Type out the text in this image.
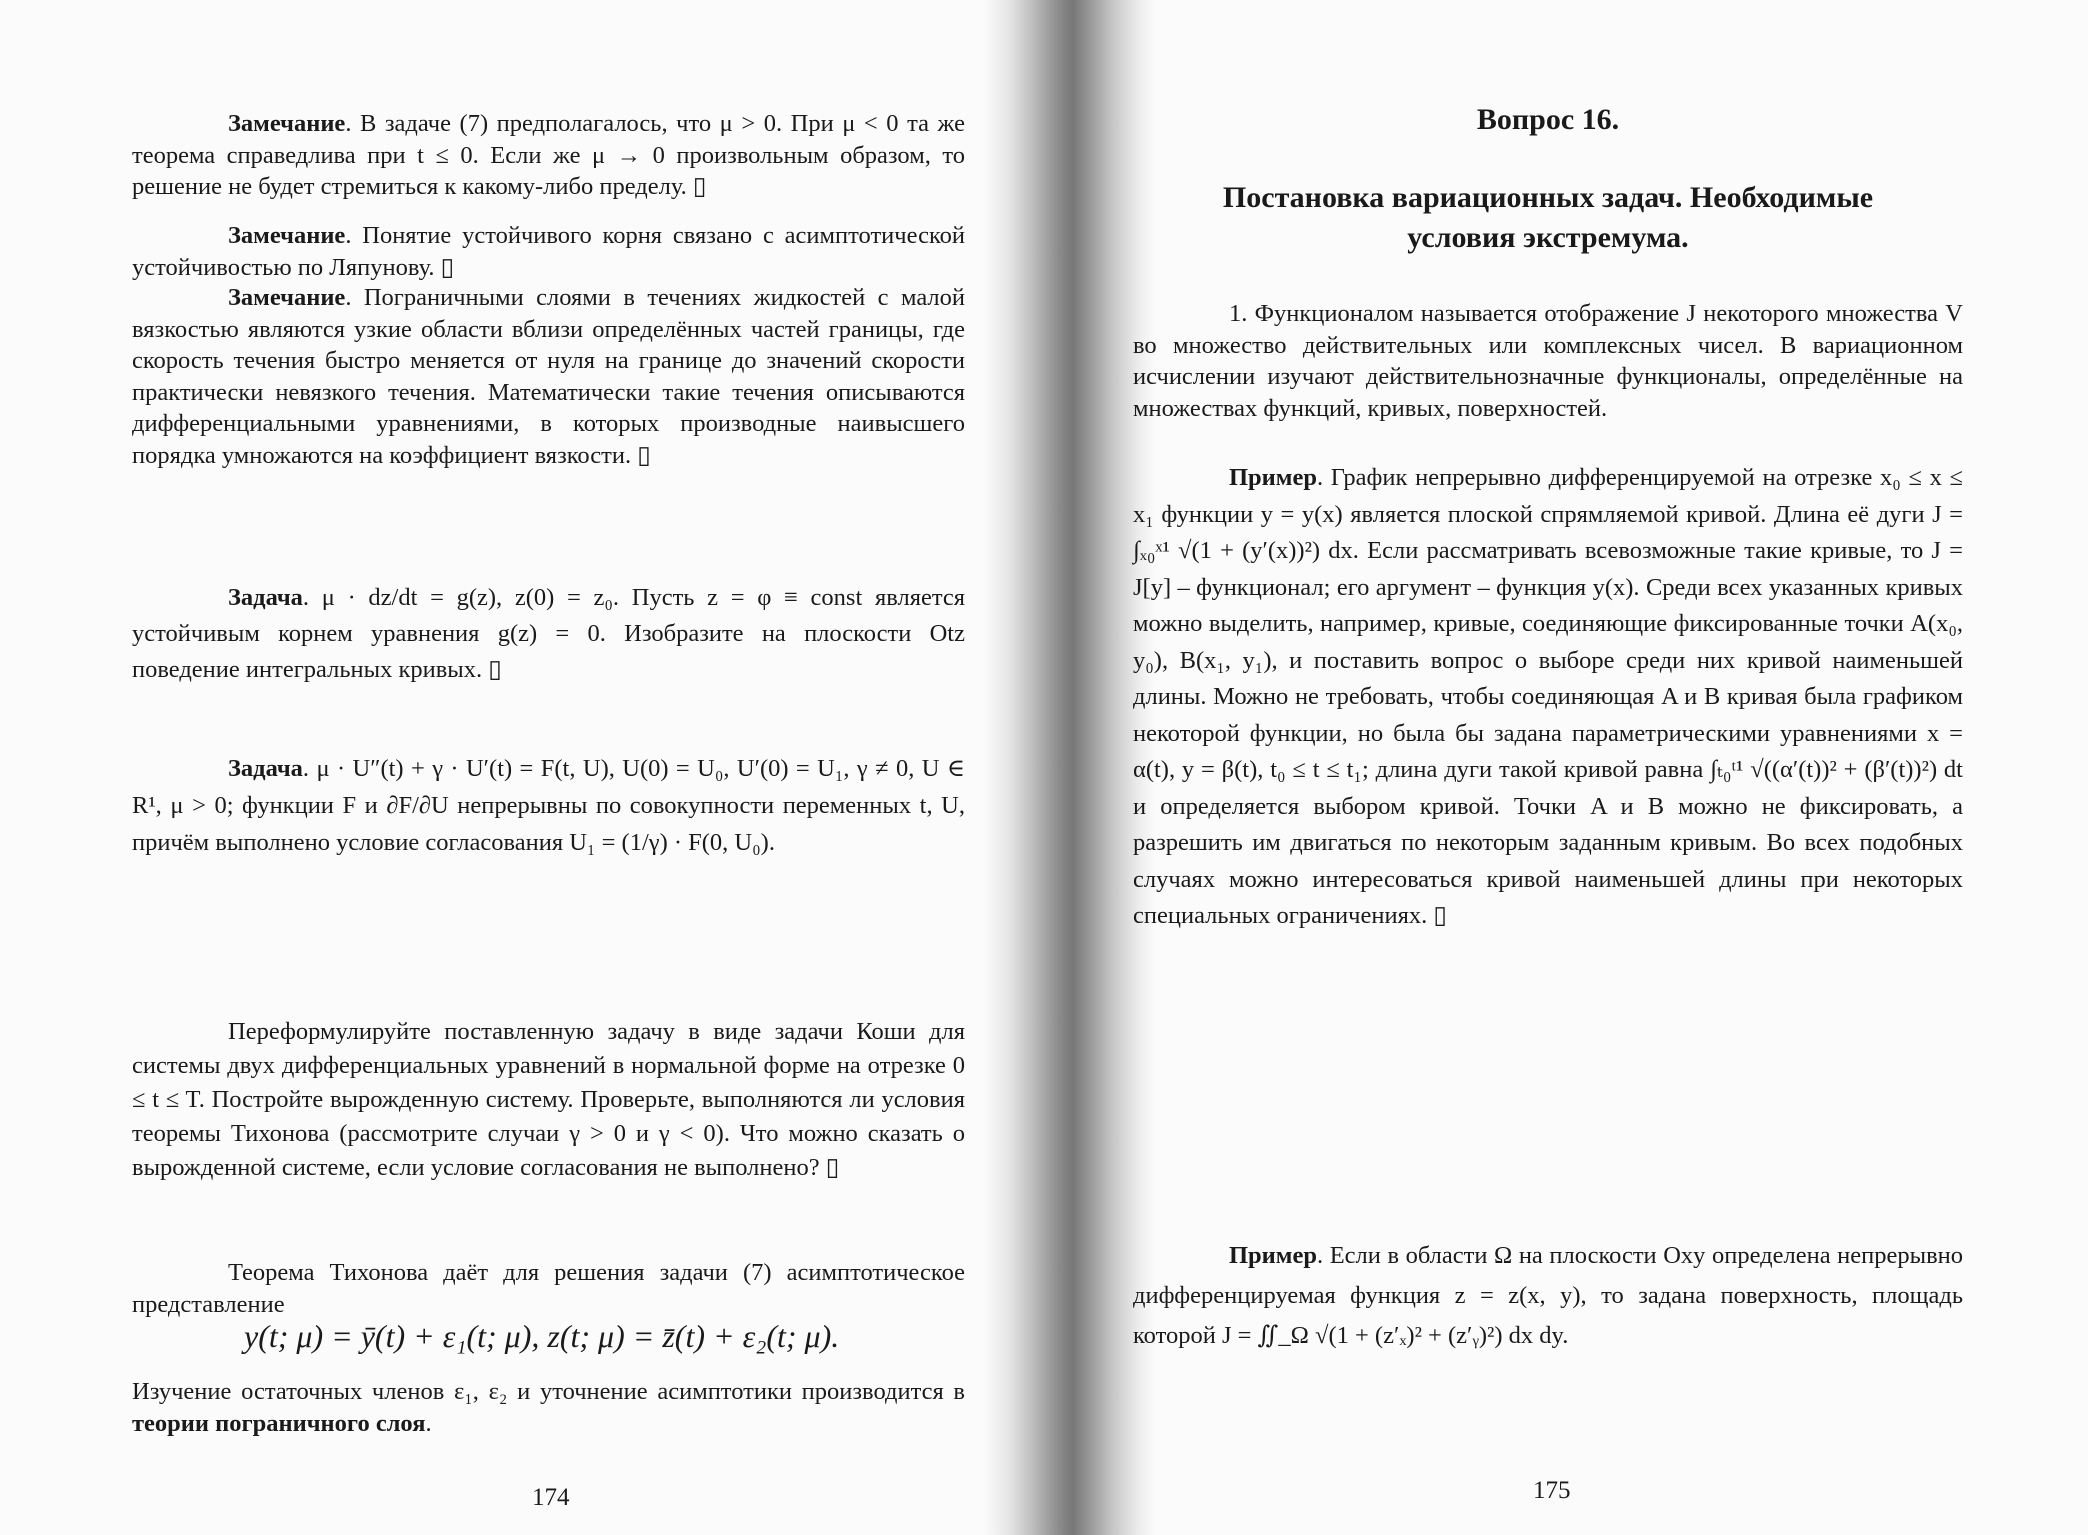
Замечание. В задаче (7) предполагалось, что μ > 0. При μ < 0 та же теорема справедлива при t ≤ 0. Если же μ → 0 произвольным образом, то решение не будет стремиться к какому-либо пределу. ▯

Замечание. Понятие устойчивого корня связано с асимптотической устойчивостью по Ляпунову. ▯

Замечание. Пограничными слоями в течениях жидкостей с малой вязкостью являются узкие области вблизи определённых частей границы, где скорость течения быстро меняется от нуля на границе до значений скорости практически невязкого течения. Математически такие течения описываются дифференциальными уравнениями, в которых производные наивысшего порядка умножаются на коэффициент вязкости. ▯

Задача. μ · dz/dt = g(z), z(0) = z₀. Пусть z = φ ≡ const является устойчивым корнем уравнения g(z) = 0. Изобразите на плоскости Otz поведение интегральных кривых. ▯

Задача. μ · U″(t) + γ · U′(t) = F(t, U), U(0) = U₀, U′(0) = U₁, γ ≠ 0, U ∈ R¹, μ > 0; функции F и ∂F/∂U непрерывны по совокупности переменных t, U, причём выполнено условие согласования U₁ = (1/γ) · F(0, U₀).

Переформулируйте поставленную задачу в виде задачи Коши для системы двух дифференциальных уравнений в нормальной форме на отрезке 0 ≤ t ≤ T. Постройте вырожденную систему. Проверьте, выполняются ли условия теоремы Тихонова (рассмотрите случаи γ > 0 и γ < 0). Что можно сказать о вырожденной системе, если условие согласования не выполнено? ▯

Теорема Тихонова даёт для решения задачи (7) асимптотическое представление

y(t; μ) = ȳ(t) + ε₁(t; μ), z(t; μ) = z̄(t) + ε₂(t; μ).

Изучение остаточных членов ε₁, ε₂ и уточнение асимптотики производится в теории пограничного слоя.

174
Вопрос 16.
Постановка вариационных задач. Необходимые
условия экстремума.

1. Функционалом называется отображение J некоторого множества V во множество действительных или комплексных чисел. В вариационном исчислении изучают действительнозначные функционалы, определённые на множествах функций, кривых, поверхностей.

Пример. График непрерывно дифференцируемой на отрезке x₀ ≤ x ≤ x₁ функции y = y(x) является плоской спрямляемой кривой. Длина её дуги J = ∫ₓ₀ˣ¹ √(1 + (y′(x))²) dx. Если рассматривать всевозможные такие кривые, то J = J[y] – функционал; его аргумент – функция y(x). Среди всех указанных кривых можно выделить, например, кривые, соединяющие фиксированные точки A(x₀, y₀), B(x₁, y₁), и поставить вопрос о выборе среди них кривой наименьшей длины. Можно не требовать, чтобы соединяющая A и B кривая была графиком некоторой функции, но была бы задана параметрическими уравнениями x = α(t), y = β(t), t₀ ≤ t ≤ t₁; длина дуги такой кривой равна ∫ₜ₀ᵗ¹ √((α′(t))² + (β′(t))²) dt и определяется выбором кривой. Точки A и B можно не фиксировать, а разрешить им двигаться по некоторым заданным кривым. Во всех подобных случаях можно интересоваться кривой наименьшей длины при некоторых специальных ограничениях. ▯

Пример. Если в области Ω на плоскости Oxy определена непрерывно дифференцируемая функция z = z(x, y), то задана поверхность, площадь которой J = ∬_Ω √(1 + (z′ₓ)² + (z′ᵧ)²) dx dy.

175
